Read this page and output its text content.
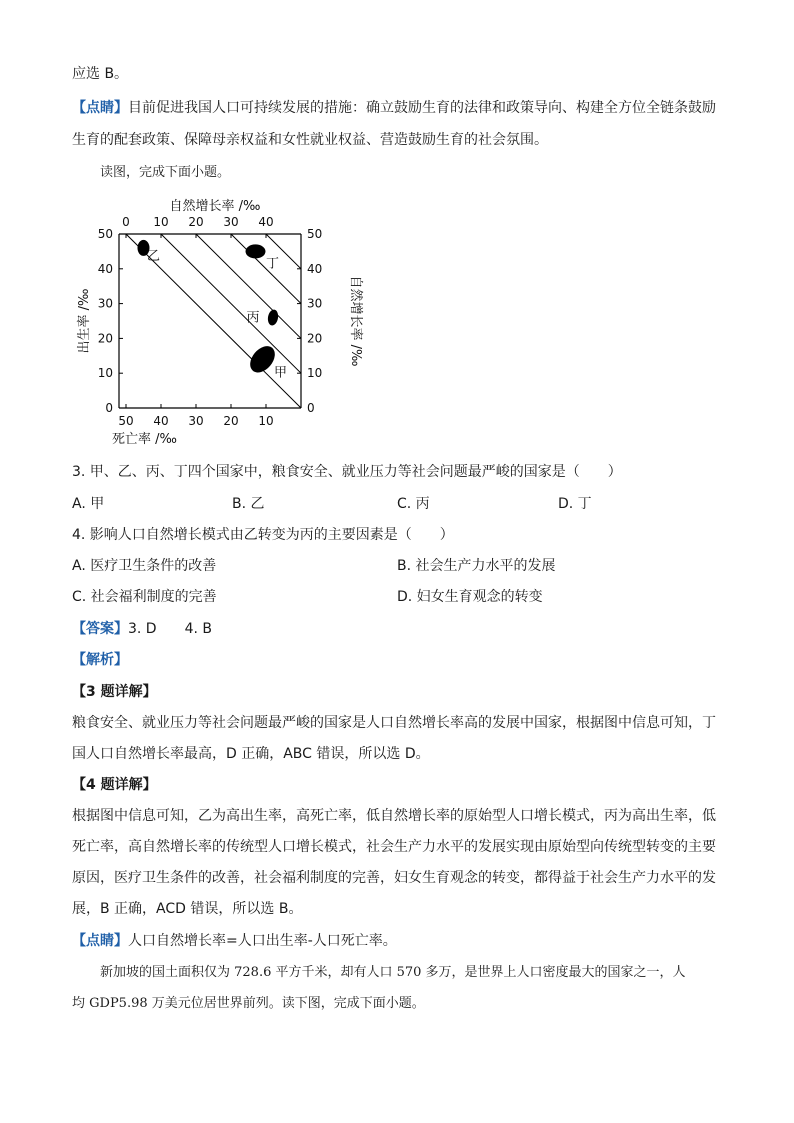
应选 B。
【点睛】目前促进我国人口可持续发展的措施：确立鼓励生育的法律和政策导向、构建全方位全链条鼓励
生育的配套政策、保障母亲权益和女性就业权益、营造鼓励生育的社会氛围。
读图，完成下面小题。
自然增长率 /‰
出生率 /‰	自然增长率 /‰
死亡率 /‰
50
40
30
20
10
0
50
40
30
20
10
0
50 40 30 20 10
0 10 20 30 40
甲
乙
丙
丁
3. 甲、乙、丙、丁四个国家中，粮食安全、就业压力等社会问题最严峻的国家是（　　）
A. 甲	B. 乙	C. 丙	D. 丁
4. 影响人口自然增长模式由乙转变为丙的主要因素是（　　）
A. 医疗卫生条件的改善	B. 社会生产力水平的发展
C. 社会福利制度的完善	D. 妇女生育观念的转变
【答案】3. D　　4. B
【解析】
【3 题详解】
粮食安全、就业压力等社会问题最严峻的国家是人口自然增长率高的发展中国家，根据图中信息可知，丁
国人口自然增长率最高，D 正确，ABC 错误，所以选 D。
【4 题详解】
根据图中信息可知，乙为高出生率，高死亡率，低自然增长率的原始型人口增长模式，丙为高出生率，低
死亡率，高自然增长率的传统型人口增长模式，社会生产力水平的发展实现由原始型向传统型转变的主要
原因，医疗卫生条件的改善，社会福利制度的完善，妇女生育观念的转变，都得益于社会生产力水平的发
展，B 正确，ACD 错误，所以选 B。
【点睛】人口自然增长率=人口出生率-人口死亡率。
新加坡的国土面积仅为 728.6 平方千米，却有人口 570 多万，是世界上人口密度最大的国家之一，人
均 GDP5.98 万美元位居世界前列。读下图，完成下面小题。
